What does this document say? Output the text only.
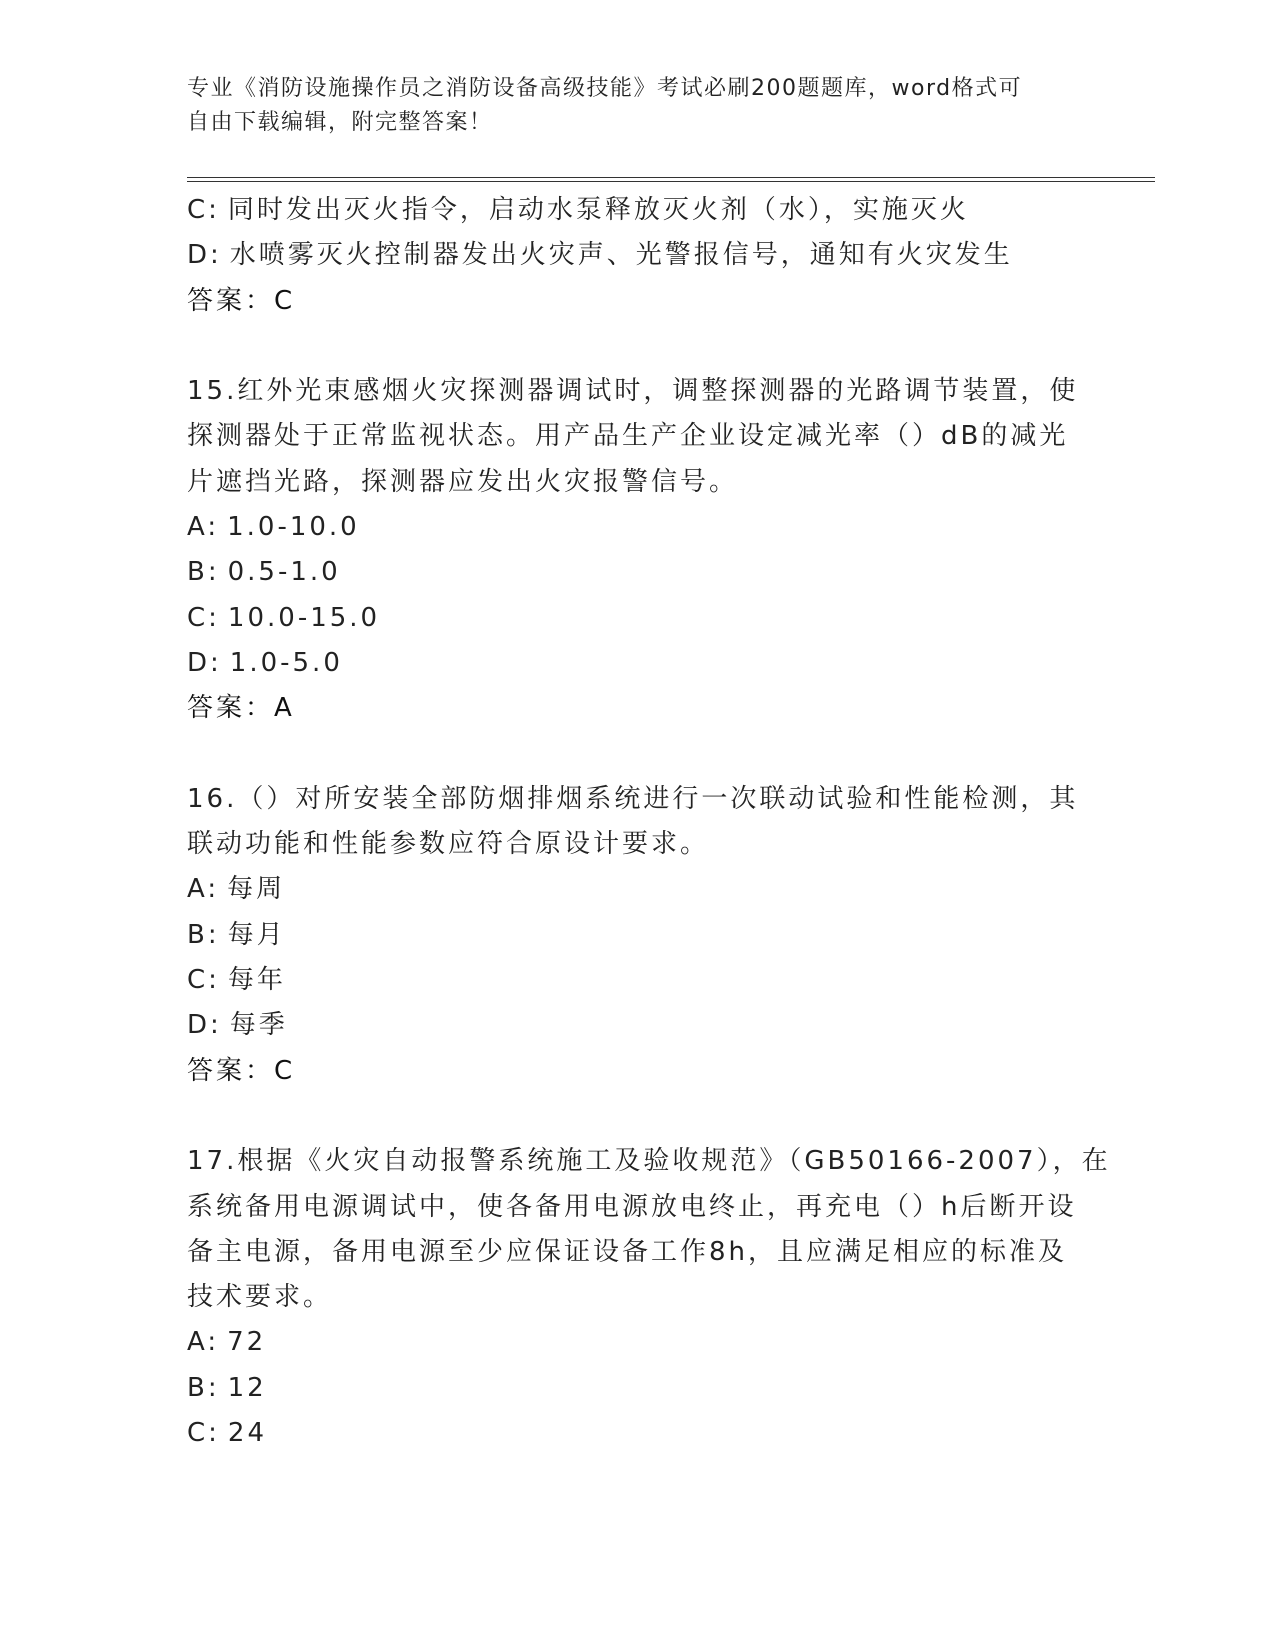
专业《消防设施操作员之消防设备高级技能》考试必刷200题题库，word格式可
自由下载编辑，附完整答案！
C: 同时发出灭火指令，启动水泵释放灭火剂（水），实施灭火
D: 水喷雾灭火控制器发出火灾声、光警报信号，通知有火灾发生
答案：C
15.红外光束感烟火灾探测器调试时，调整探测器的光路调节装置，使
探测器处于正常监视状态。用产品生产企业设定减光率（）dB的减光
片遮挡光路，探测器应发出火灾报警信号。
A: 1.0-10.0
B: 0.5-1.0
C: 10.0-15.0
D: 1.0-5.0
答案：A
16.（）对所安装全部防烟排烟系统进行一次联动试验和性能检测，其
联动功能和性能参数应符合原设计要求。
A: 每周
B: 每月
C: 每年
D: 每季
答案：C
17.根据《火灾自动报警系统施工及验收规范》（GB50166-2007），在
系统备用电源调试中，使各备用电源放电终止，再充电（）h后断开设
备主电源，备用电源至少应保证设备工作8h，且应满足相应的标准及
技术要求。
A: 72
B: 12
C: 24
